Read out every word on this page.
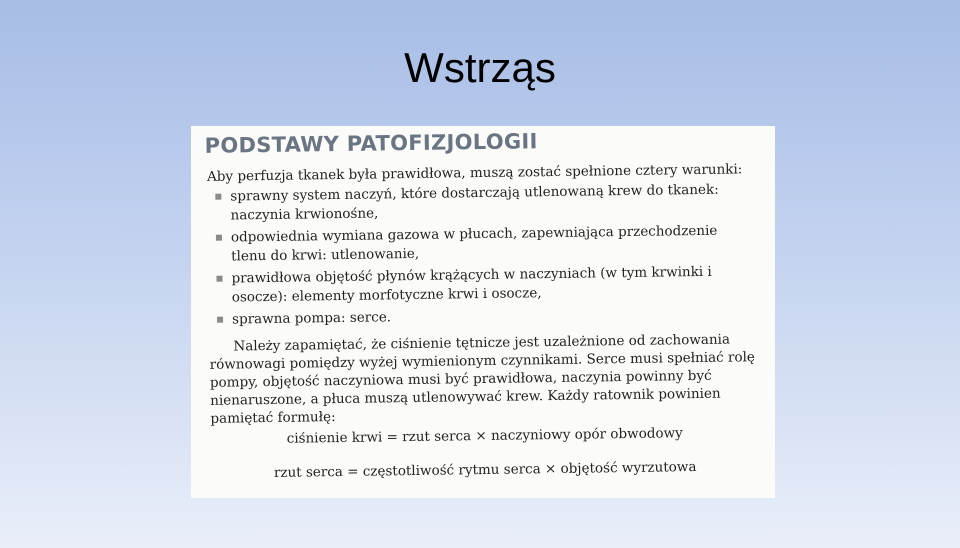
Wstrząs
PODSTAWY PATOFIZJOLOGII
Aby perfuzja tkanek była prawidłowa, muszą zostać spełnione cztery warunki:
sprawny system naczyń, które dostarczają utlenowaną krew do tkanek: naczynia krwionośne,
odpowiednia wymiana gazowa w płucach, zapewniająca przechodzenie tlenu do krwi: utlenowanie,
prawidłowa objętość płynów krążących w naczyniach (w tym krwinki i osocze): elementy morfotyczne krwi i osocze,
sprawna pompa: serce.
Należy zapamiętać, że ciśnienie tętnicze jest uzależnione od zachowania równowagi pomiędzy wyżej wymienionym czynnikami. Serce musi spełniać rolę pompy, objętość naczyniowa musi być prawidłowa, naczynia powinny być nienaruszone, a płuca muszą utlenowywać krew. Każdy ratownik powinien pamiętać formułę:
ciśnienie krwi = rzut serca × naczyniowy opór obwodowy
rzut serca = częstotliwość rytmu serca × objętość wyrzutowa
